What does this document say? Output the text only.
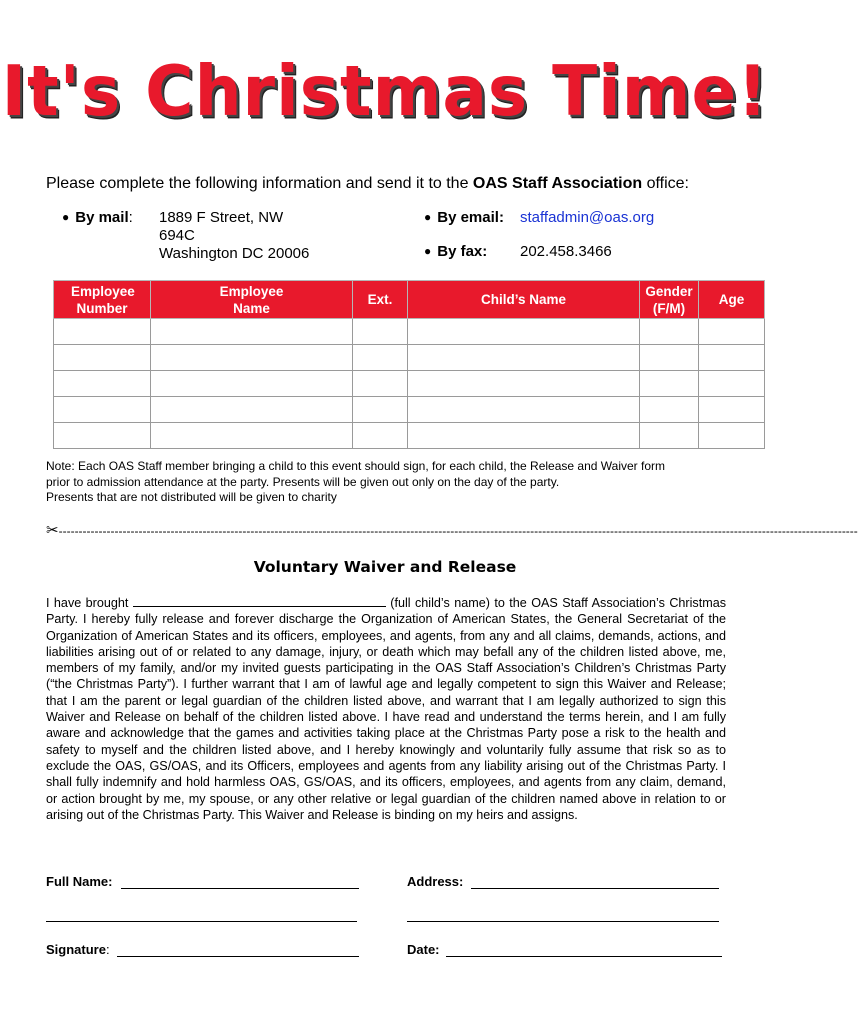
It's Christmas Time!
Please complete the following information and send it to the OAS Staff Association office:
● By mail: 1889 F Street, NW
694C
Washington DC 20006
● By email: staffadmin@oas.org
● By fax: 202.458.3466
Employee Number	Employee Name	Ext.	Child’s Name	Gender (F/M)	Age

Note: Each OAS Staff member bringing a child to this event should sign, for each child, the Release and Waiver form
prior to admission attendance at the party. Presents will be given out only on the day of the party.
Presents that are not distributed will be given to charity
✂--------------------------------------------------------------------------------------------------------------------------------------------------------------------------------------------------------
Voluntary Waiver and Release
I have brought	(full child’s name) to the OAS Staff Association’s Christmas Party. I hereby fully release and forever discharge the Organization of American States, the General Secretariat of the Organization of American States and its officers, employees, and agents, from any and all claims, demands, actions, and liabilities arising out of or related to any damage, injury, or death which may befall any of the children listed above, me, members of my family, and/or my invited guests participating in the OAS Staff Association’s Children’s Christmas Party (“the Christmas Party”). I further warrant that I am of lawful age and legally competent to sign this Waiver and Release; that I am the parent or legal guardian of the children listed above, and warrant that I am legally authorized to sign this Waiver and Release on behalf of the children listed above. I have read and understand the terms herein, and I am fully aware and acknowledge that the games and activities taking place at the Christmas Party pose a risk to the health and safety to myself and the children listed above, and I hereby knowingly and voluntarily fully assume that risk so as to exclude the OAS, GS/OAS, and its Officers, employees and agents from any liability arising out of the Christmas Party. I shall fully indemnify and hold harmless OAS, GS/OAS, and its officers, employees, and agents from any claim, demand, or action brought by me, my spouse, or any other relative or legal guardian of the children named above in relation to or arising out of the Christmas Party. This Waiver and Release is binding on my heirs and assigns.
Full Name:	Address:
Signature:	Date:
